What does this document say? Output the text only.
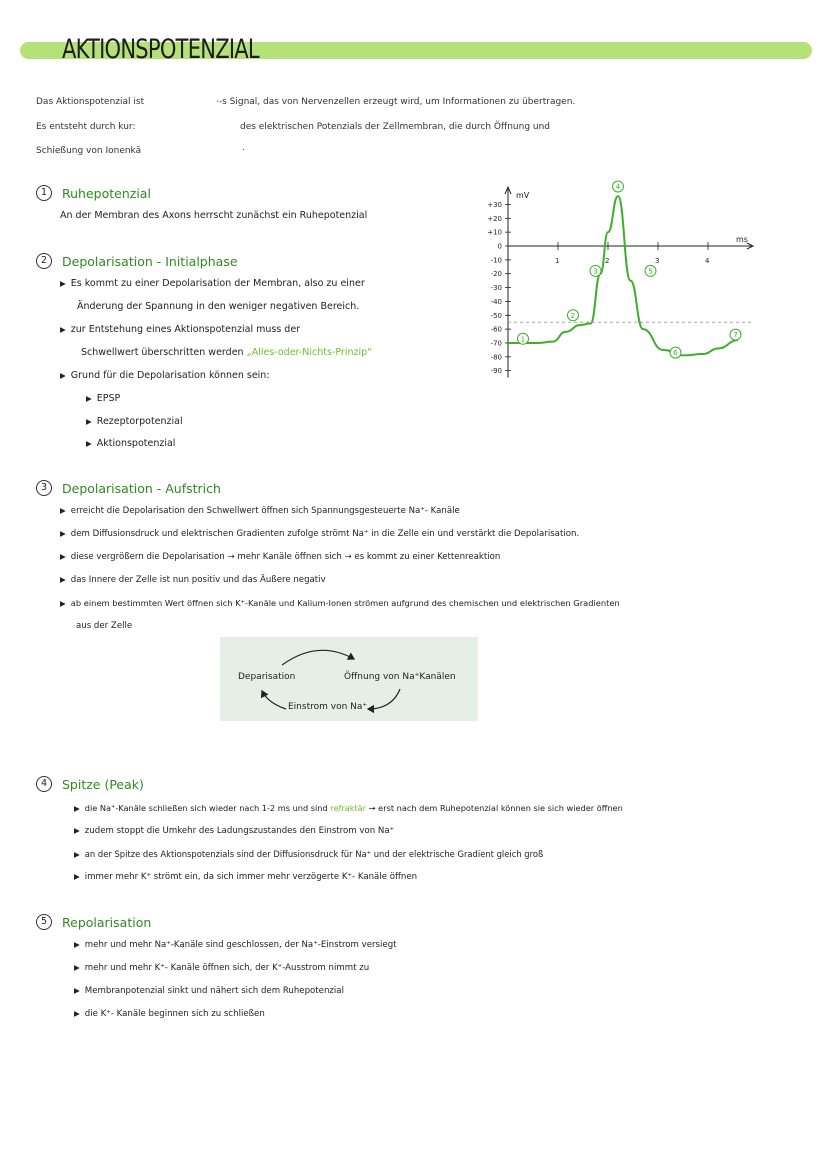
AKTIONSPOTENZIAL
Das Aktionspotenzial ist	·-s Signal, das von Nervenzellen erzeugt wird, um Informationen zu übertragen.
Es entsteht durch kur:	des elektrischen Potenzials der Zellmembran, die durch Öffnung und
Schießung von Ionenkä	.
1	Ruhepotenzial
An der Membran des Axons herrscht zunächst ein Ruhepotenzial
2	Depolarisation - Initialphase
▶ Es kommt zu einer Depolarisation der Membran, also zu einer
Änderung der Spannung in den weniger negativen Bereich.
▶ zur Entstehung eines Aktionspotenzial muss der
Schwellwert überschritten werden „Alles-oder-Nichts-Prinzip“
▶ Grund für die Depolarisation können sein:
▶ EPSP
▶ Rezeptorpotenzial
▶ Aktionspotenzial
mV
ms
+30
+20
+10
0
-10
-20
-30
-40
-50
-60
-70
-80
-90
1	2	3	4
1
2
3
4
5
6
7
3	Depolarisation - Aufstrich
▶ erreicht die Depolarisation den Schwellwert öffnen sich Spannungsgesteuerte Na⁺- Kanäle
▶ dem Diffusionsdruck und elektrischen Gradienten zufolge strömt Na⁺ in die Zelle ein und verstärkt die Depolarisation.
▶ diese vergrößern die Depolarisation → mehr Kanäle öffnen sich → es kommt zu einer Kettenreaktion
▶ das Innere der Zelle ist nun positiv und das Äußere negativ
▶ ab einem bestimmten Wert öffnen sich K⁺-Kanäle und Kalium-Ionen strömen aufgrund des chemischen und elektrischen Gradienten
aus der Zelle
Deparisation	Öffnung von Na⁺Kanälen
Einstrom von Na⁺
4	Spitze (Peak)
▶ die Na⁺-Kanäle schließen sich wieder nach 1-2 ms und sind refraktär → erst nach dem Ruhepotenzial können sie sich wieder öffnen
▶ zudem stoppt die Umkehr des Ladungszustandes den Einstrom von Na⁺
▶ an der Spitze des Aktionspotenzials sind der Diffusionsdruck für Na⁺ und der elektrische Gradient gleich groß
▶ immer mehr K⁺ strömt ein, da sich immer mehr verzögerte K⁺- Kanäle öffnen
5	Repolarisation
▶ mehr und mehr Na⁺-Kanäle sind geschlossen, der Na⁺-Einstrom versiegt
▶ mehr und mehr K⁺- Kanäle öffnen sich, der K⁺-Ausstrom nimmt zu
▶ Membranpotenzial sinkt und nähert sich dem Ruhepotenzial
▶ die K⁺- Kanäle beginnen sich zu schließen
